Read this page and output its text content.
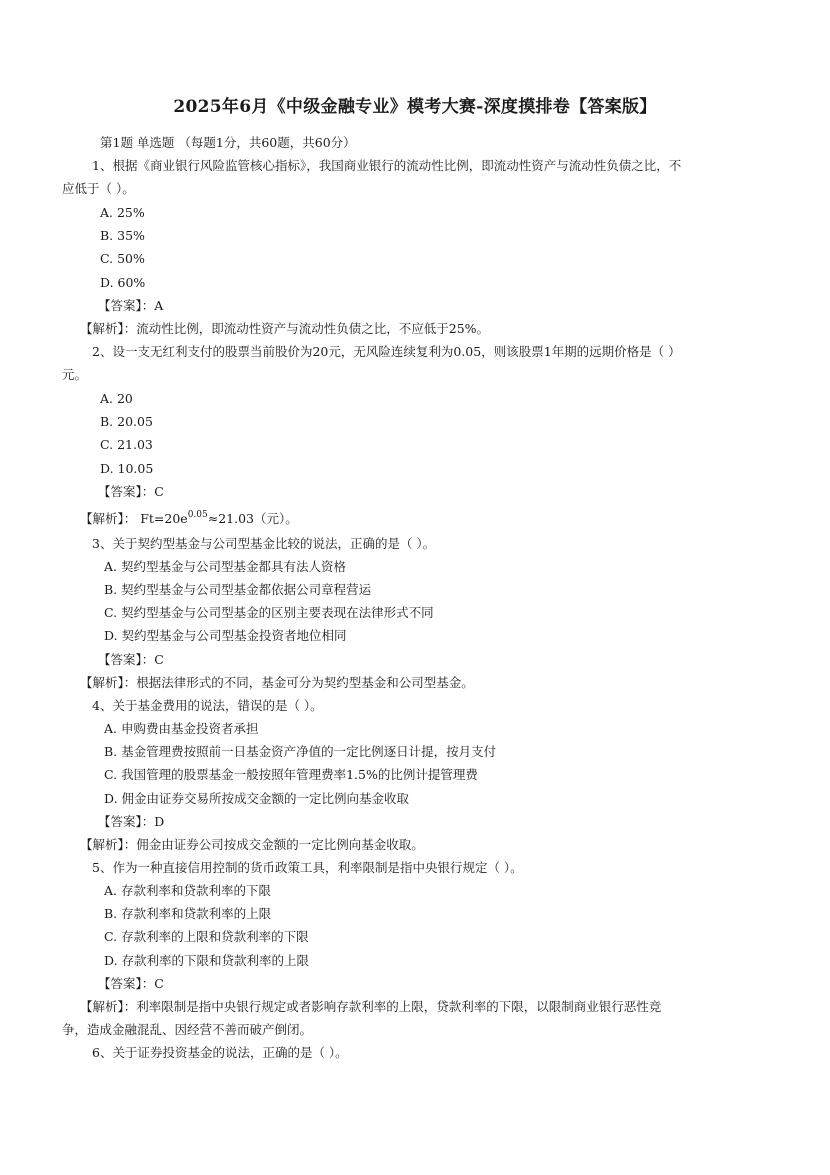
2025年6月《中级金融专业》模考大赛-深度摸排卷【答案版】
第1题 单选题 （每题1分，共60题，共60分）
1、根据《商业银行风险监管核心指标》，我国商业银行的流动性比例，即流动性资产与流动性负债之比，不
应低于（ ）。
A. 25%
B. 35%
C. 50%
D. 60%
【答案】：A
【解析】：流动性比例，即流动性资产与流动性负债之比，不应低于25%。
2、设一支无红利支付的股票当前股价为20元，无风险连续复利为0.05，则该股票1年期的远期价格是（ ）
元。
A. 20
B. 20.05
C. 21.03
D. 10.05
【答案】：C
【解析】： $Ft=20e^{0.05}\approx 21.03$（元）。
3、关于契约型基金与公司型基金比较的说法，正确的是（ ）。
A. 契约型基金与公司型基金都具有法人资格
B. 契约型基金与公司型基金都依据公司章程营运
C. 契约型基金与公司型基金的区别主要表现在法律形式不同
D. 契约型基金与公司型基金投资者地位相同
【答案】：C
【解析】：根据法律形式的不同，基金可分为契约型基金和公司型基金。
4、关于基金费用的说法，错误的是（ ）。
A. 申购费由基金投资者承担
B. 基金管理费按照前一日基金资产净值的一定比例逐日计提，按月支付
C. 我国管理的股票基金一般按照年管理费率1.5%的比例计提管理费
D. 佣金由证券交易所按成交金额的一定比例向基金收取
【答案】：D
【解析】：佣金由证券公司按成交金额的一定比例向基金收取。
5、作为一种直接信用控制的货币政策工具，利率限制是指中央银行规定（ ）。
A. 存款利率和贷款利率的下限
B. 存款利率和贷款利率的上限
C. 存款利率的上限和贷款利率的下限
D. 存款利率的下限和贷款利率的上限
【答案】：C
【解析】：利率限制是指中央银行规定或者影响存款利率的上限，贷款利率的下限，以限制商业银行恶性竞
争，造成金融混乱、因经营不善而破产倒闭。
6、关于证券投资基金的说法，正确的是（ ）。
